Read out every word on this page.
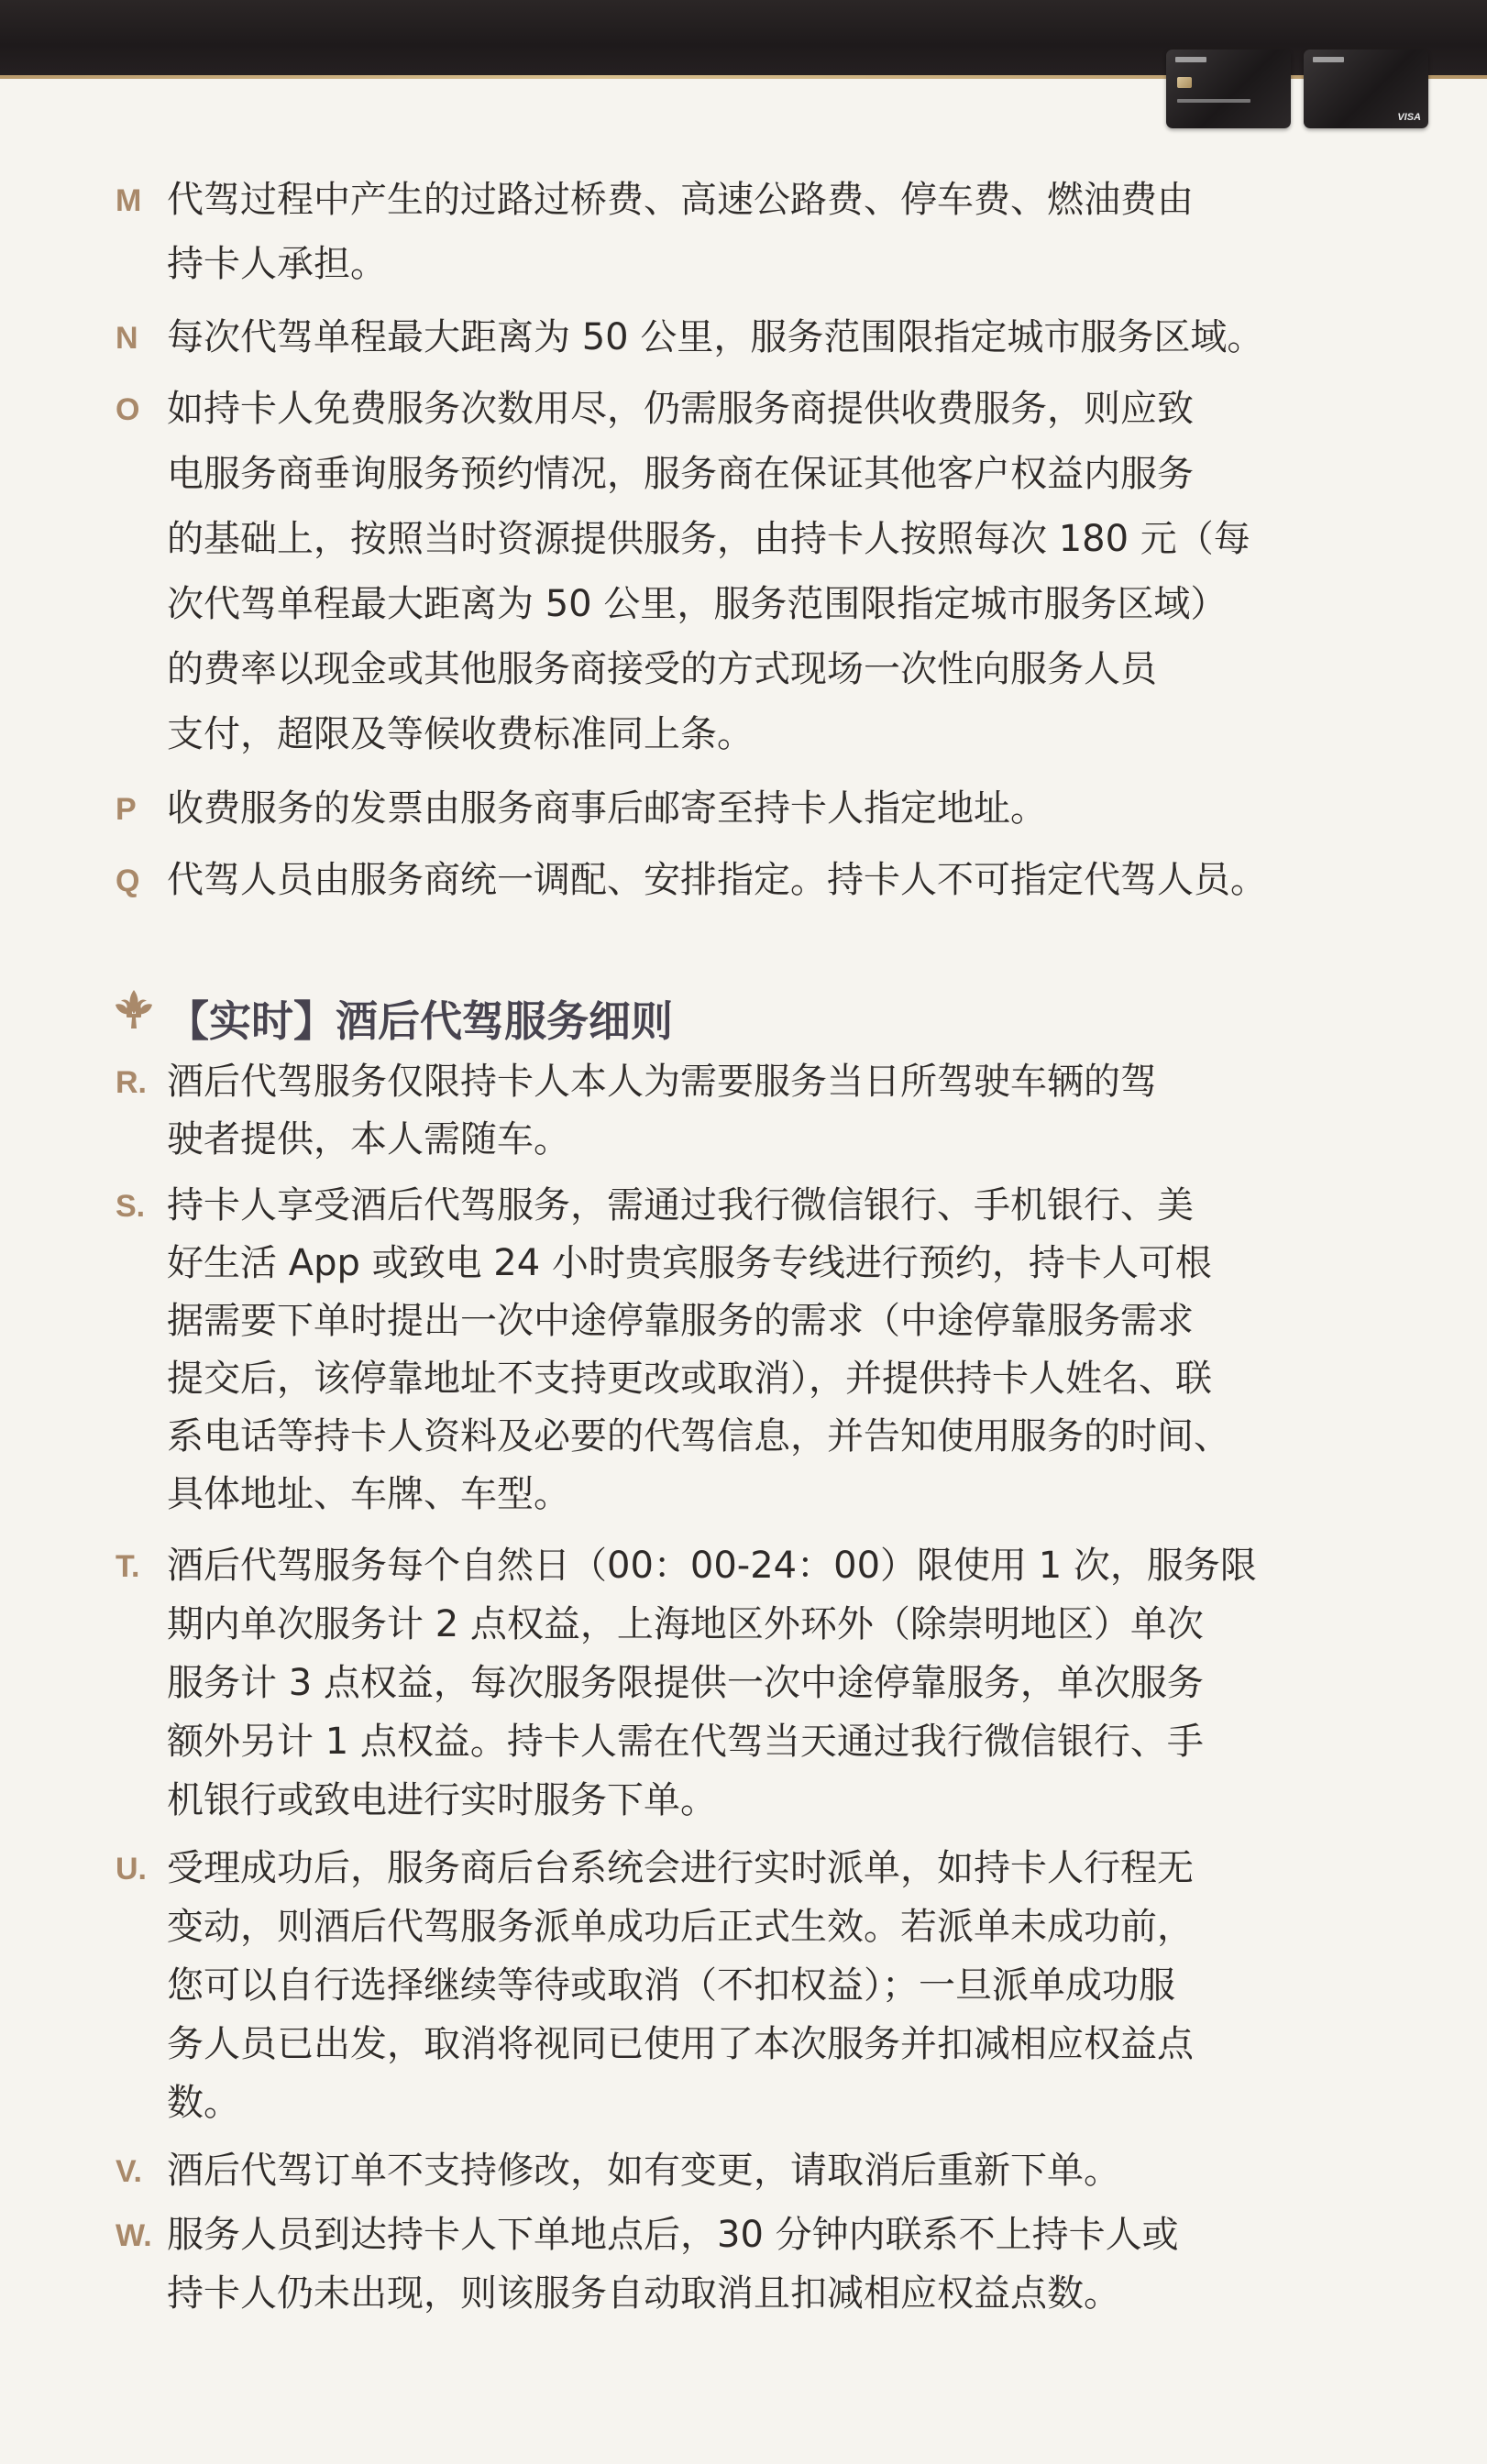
VISA
M 代驾过程中产生的过路过桥费、高速公路费、停车费、燃油费由
持卡人承担。
N 每次代驾单程最大距离为 50 公里，服务范围限指定城市服务区域。
O 如持卡人免费服务次数用尽，仍需服务商提供收费服务，则应致
电服务商垂询服务预约情况，服务商在保证其他客户权益内服务
的基础上，按照当时资源提供服务，由持卡人按照每次 180 元（每
次代驾单程最大距离为 50 公里，服务范围限指定城市服务区域）
的费率以现金或其他服务商接受的方式现场一次性向服务人员
支付，超限及等候收费标准同上条。
P 收费服务的发票由服务商事后邮寄至持卡人指定地址。
Q 代驾人员由服务商统一调配、安排指定。持卡人不可指定代驾人员。
【实时】酒后代驾服务细则
R. 酒后代驾服务仅限持卡人本人为需要服务当日所驾驶车辆的驾
驶者提供，本人需随车。
S. 持卡人享受酒后代驾服务，需通过我行微信银行、手机银行、美
好生活 App 或致电 24 小时贵宾服务专线进行预约，持卡人可根
据需要下单时提出一次中途停靠服务的需求（中途停靠服务需求
提交后，该停靠地址不支持更改或取消），并提供持卡人姓名、联
系电话等持卡人资料及必要的代驾信息，并告知使用服务的时间、
具体地址、车牌、车型。
T. 酒后代驾服务每个自然日（00：00-24：00）限使用 1 次，服务限
期内单次服务计 2 点权益，上海地区外环外（除崇明地区）单次
服务计 3 点权益，每次服务限提供一次中途停靠服务，单次服务
额外另计 1 点权益。持卡人需在代驾当天通过我行微信银行、手
机银行或致电进行实时服务下单。
U. 受理成功后，服务商后台系统会进行实时派单，如持卡人行程无
变动，则酒后代驾服务派单成功后正式生效。若派单未成功前，
您可以自行选择继续等待或取消（不扣权益）；一旦派单成功服
务人员已出发，取消将视同已使用了本次服务并扣减相应权益点
数。
V. 酒后代驾订单不支持修改，如有变更，请取消后重新下单。
W. 服务人员到达持卡人下单地点后，30 分钟内联系不上持卡人或
持卡人仍未出现，则该服务自动取消且扣减相应权益点数。
